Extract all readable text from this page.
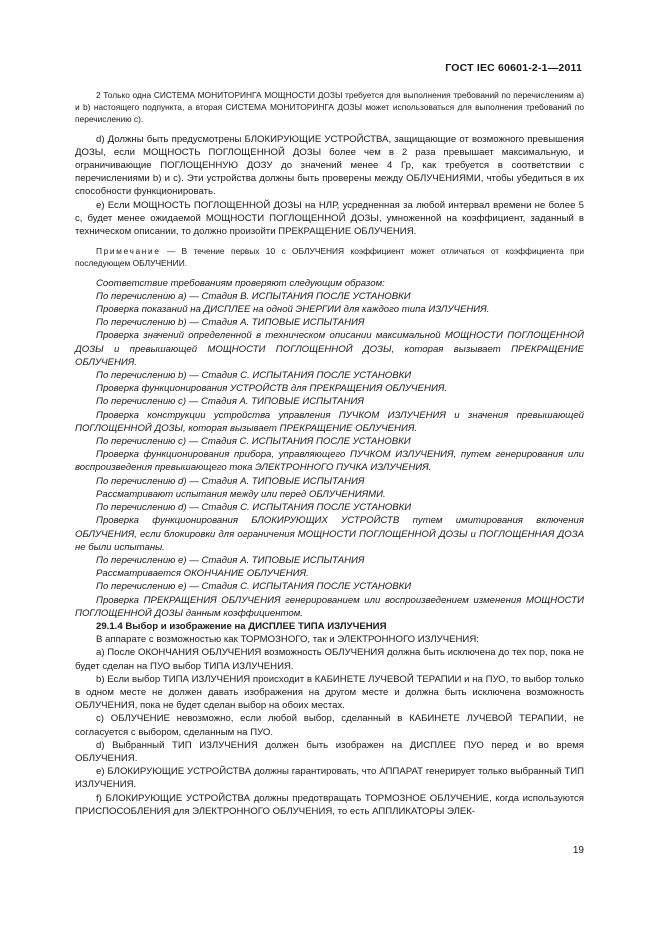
ГОСТ IEC 60601-2-1—2011

2 Только одна СИСТЕМА МОНИТОРИНГА МОЩНОСТИ ДОЗЫ требуется для выполнения требований по перечислениям a) и b) настоящего подпункта, а вторая СИСТЕМА МОНИТОРИНГА ДОЗЫ может использоваться для выполнения требований по перечислению c).

d) Должны быть предусмотрены БЛОКИРУЮЩИЕ УСТРОЙСТВА, защищающие от возможного превышения ДОЗЫ, если МОЩНОСТЬ ПОГЛОЩЕННОЙ ДОЗЫ более чем в 2 раза превышает максимальную, и ограничивающие ПОГЛОЩЕННУЮ ДОЗУ до значений менее 4 Гр, как требуется в соответствии с перечислениями b) и c). Эти устройства должны быть проверены между ОБЛУЧЕНИЯМИ, чтобы убедиться в их способности функционировать.

e) Если МОЩНОСТЬ ПОГЛОЩЕННОЙ ДОЗЫ на НЛР, усредненная за любой интервал времени не более 5 с, будет менее ожидаемой МОЩНОСТИ ПОГЛОЩЕННОЙ ДОЗЫ, умноженной на коэффициент, заданный в техническом описании, то должно произойти ПРЕКРАЩЕНИЕ ОБЛУЧЕНИЯ.

Примечание — В течение первых 10 с ОБЛУЧЕНИЯ коэффициент может отличаться от коэффициента при последующем ОБЛУЧЕНИИ.

Соответствие требованиям проверяют следующим образом:

По перечислению a) — Стадия B. ИСПЫТАНИЯ ПОСЛЕ УСТАНОВКИ

Проверка показаний на ДИСПЛЕЕ на одной ЭНЕРГИИ для каждого типа ИЗЛУЧЕНИЯ.

По перечислению b) — Стадия A. ТИПОВЫЕ ИСПЫТАНИЯ

Проверка значений определенной в техническом описании максимальной МОЩНОСТИ ПОГЛОЩЕННОЙ ДОЗЫ и превышающей МОЩНОСТИ ПОГЛОЩЕННОЙ ДОЗЫ, которая вызывает ПРЕКРАЩЕНИЕ ОБЛУЧЕНИЯ.

По перечислению b) — Стадия C. ИСПЫТАНИЯ ПОСЛЕ УСТАНОВКИ

Проверка функционирования УСТРОЙСТВ для ПРЕКРАЩЕНИЯ ОБЛУЧЕНИЯ.

По перечислению c) — Стадия A. ТИПОВЫЕ ИСПЫТАНИЯ

Проверка конструкции устройства управления ПУЧКОМ ИЗЛУЧЕНИЯ и значения превышающей ПОГЛОЩЕННОЙ ДОЗЫ, которая вызывает ПРЕКРАЩЕНИЕ ОБЛУЧЕНИЯ.

По перечислению c) — Стадия C. ИСПЫТАНИЯ ПОСЛЕ УСТАНОВКИ

Проверка функционирования прибора, управляющего ПУЧКОМ ИЗЛУЧЕНИЯ, путем генерирования или воспроизведения превышающего тока ЭЛЕКТРОННОГО ПУЧКА ИЗЛУЧЕНИЯ.

По перечислению d) — Стадия A. ТИПОВЫЕ ИСПЫТАНИЯ

Рассматривают испытания между или перед ОБЛУЧЕНИЯМИ.

По перечислению d) — Стадия C. ИСПЫТАНИЯ ПОСЛЕ УСТАНОВКИ

Проверка функционирования БЛОКИРУЮЩИХ УСТРОЙСТВ путем имитирования включения ОБЛУЧЕНИЯ, если блокировки для ограничения МОЩНОСТИ ПОГЛОЩЕННОЙ ДОЗЫ и ПОГЛОЩЕННАЯ ДОЗА не были испытаны.

По перечислению e) — Стадия A. ТИПОВЫЕ ИСПЫТАНИЯ

Рассматривается ОКОНЧАНИЕ ОБЛУЧЕНИЯ.

По перечислению e) — Стадия C. ИСПЫТАНИЯ ПОСЛЕ УСТАНОВКИ

Проверка ПРЕКРАЩЕНИЯ ОБЛУЧЕНИЯ генерированием или воспроизведением изменения МОЩНОСТИ ПОГЛОЩЕННОЙ ДОЗЫ данным коэффициентом.

29.1.4 Выбор и изображение на ДИСПЛЕЕ ТИПА ИЗЛУЧЕНИЯ

В аппарате с возможностью как ТОРМОЗНОГО, так и ЭЛЕКТРОННОГО ИЗЛУЧЕНИЯ:

a) После ОКОНЧАНИЯ ОБЛУЧЕНИЯ возможность ОБЛУЧЕНИЯ должна быть исключена до тех пор, пока не будет сделан на ПУО выбор ТИПА ИЗЛУЧЕНИЯ.

b) Если выбор ТИПА ИЗЛУЧЕНИЯ происходит в КАБИНЕТЕ ЛУЧЕВОЙ ТЕРАПИИ и на ПУО, то выбор только в одном месте не должен давать изображения на другом месте и должна быть исключена возможность ОБЛУЧЕНИЯ, пока не будет сделан выбор на обоих местах.

c) ОБЛУЧЕНИЕ невозможно, если любой выбор, сделанный в КАБИНЕТЕ ЛУЧЕВОЙ ТЕРАПИИ, не согласуется с выбором, сделанным на ПУО.

d) Выбранный ТИП ИЗЛУЧЕНИЯ должен быть изображен на ДИСПЛЕЕ ПУО перед и во время ОБЛУЧЕНИЯ.

e) БЛОКИРУЮЩИЕ УСТРОЙСТВА должны гарантировать, что АППАРАТ генерирует только выбранный ТИП ИЗЛУЧЕНИЯ.

f) БЛОКИРУЮЩИЕ УСТРОЙСТВА должны предотвращать ТОРМОЗНОЕ ОБЛУЧЕНИЕ, когда используются ПРИСПОСОБЛЕНИЯ для ЭЛЕКТРОННОГО ОБЛУЧЕНИЯ, то есть АППЛИКАТОРЫ ЭЛЕК-

19
